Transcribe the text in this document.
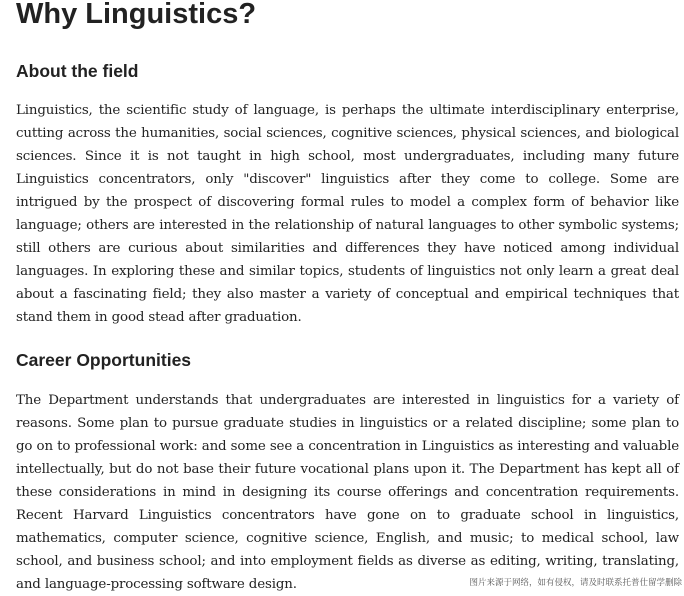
Why Linguistics?
About the field

Linguistics, the scientific study of language, is perhaps the ultimate interdisciplinary enterprise, cutting across the humanities, social sciences, cognitive sciences, physical sciences, and biological sciences. Since it is not taught in high school, most undergraduates, including many future Linguistics concentrators, only "discover" linguistics after they come to college. Some are intrigued by the prospect of discovering formal rules to model a complex form of behavior like language; others are interested in the relationship of natural languages to other symbolic systems; still others are curious about similarities and differences they have noticed among individual languages. In exploring these and similar topics, students of linguistics not only learn a great deal about a fascinating field; they also master a variety of conceptual and empirical techniques that stand them in good stead after graduation.

Career Opportunities

The Department understands that undergraduates are interested in linguistics for a variety of reasons. Some plan to pursue graduate studies in linguistics or a related discipline; some plan to go on to professional work: and some see a concentration in Linguistics as interesting and valuable intellectually, but do not base their future vocational plans upon it. The Department has kept all of these considerations in mind in designing its course offerings and concentration requirements. Recent Harvard Linguistics concentrators have gone on to graduate school in linguistics, mathematics, computer science, cognitive science, English, and music; to medical school, law school, and business school; and into employment fields as diverse as editing, writing, translating, and language-processing software design.	图片来源于网络，如有侵权，请及时联系托普仕留学删除
